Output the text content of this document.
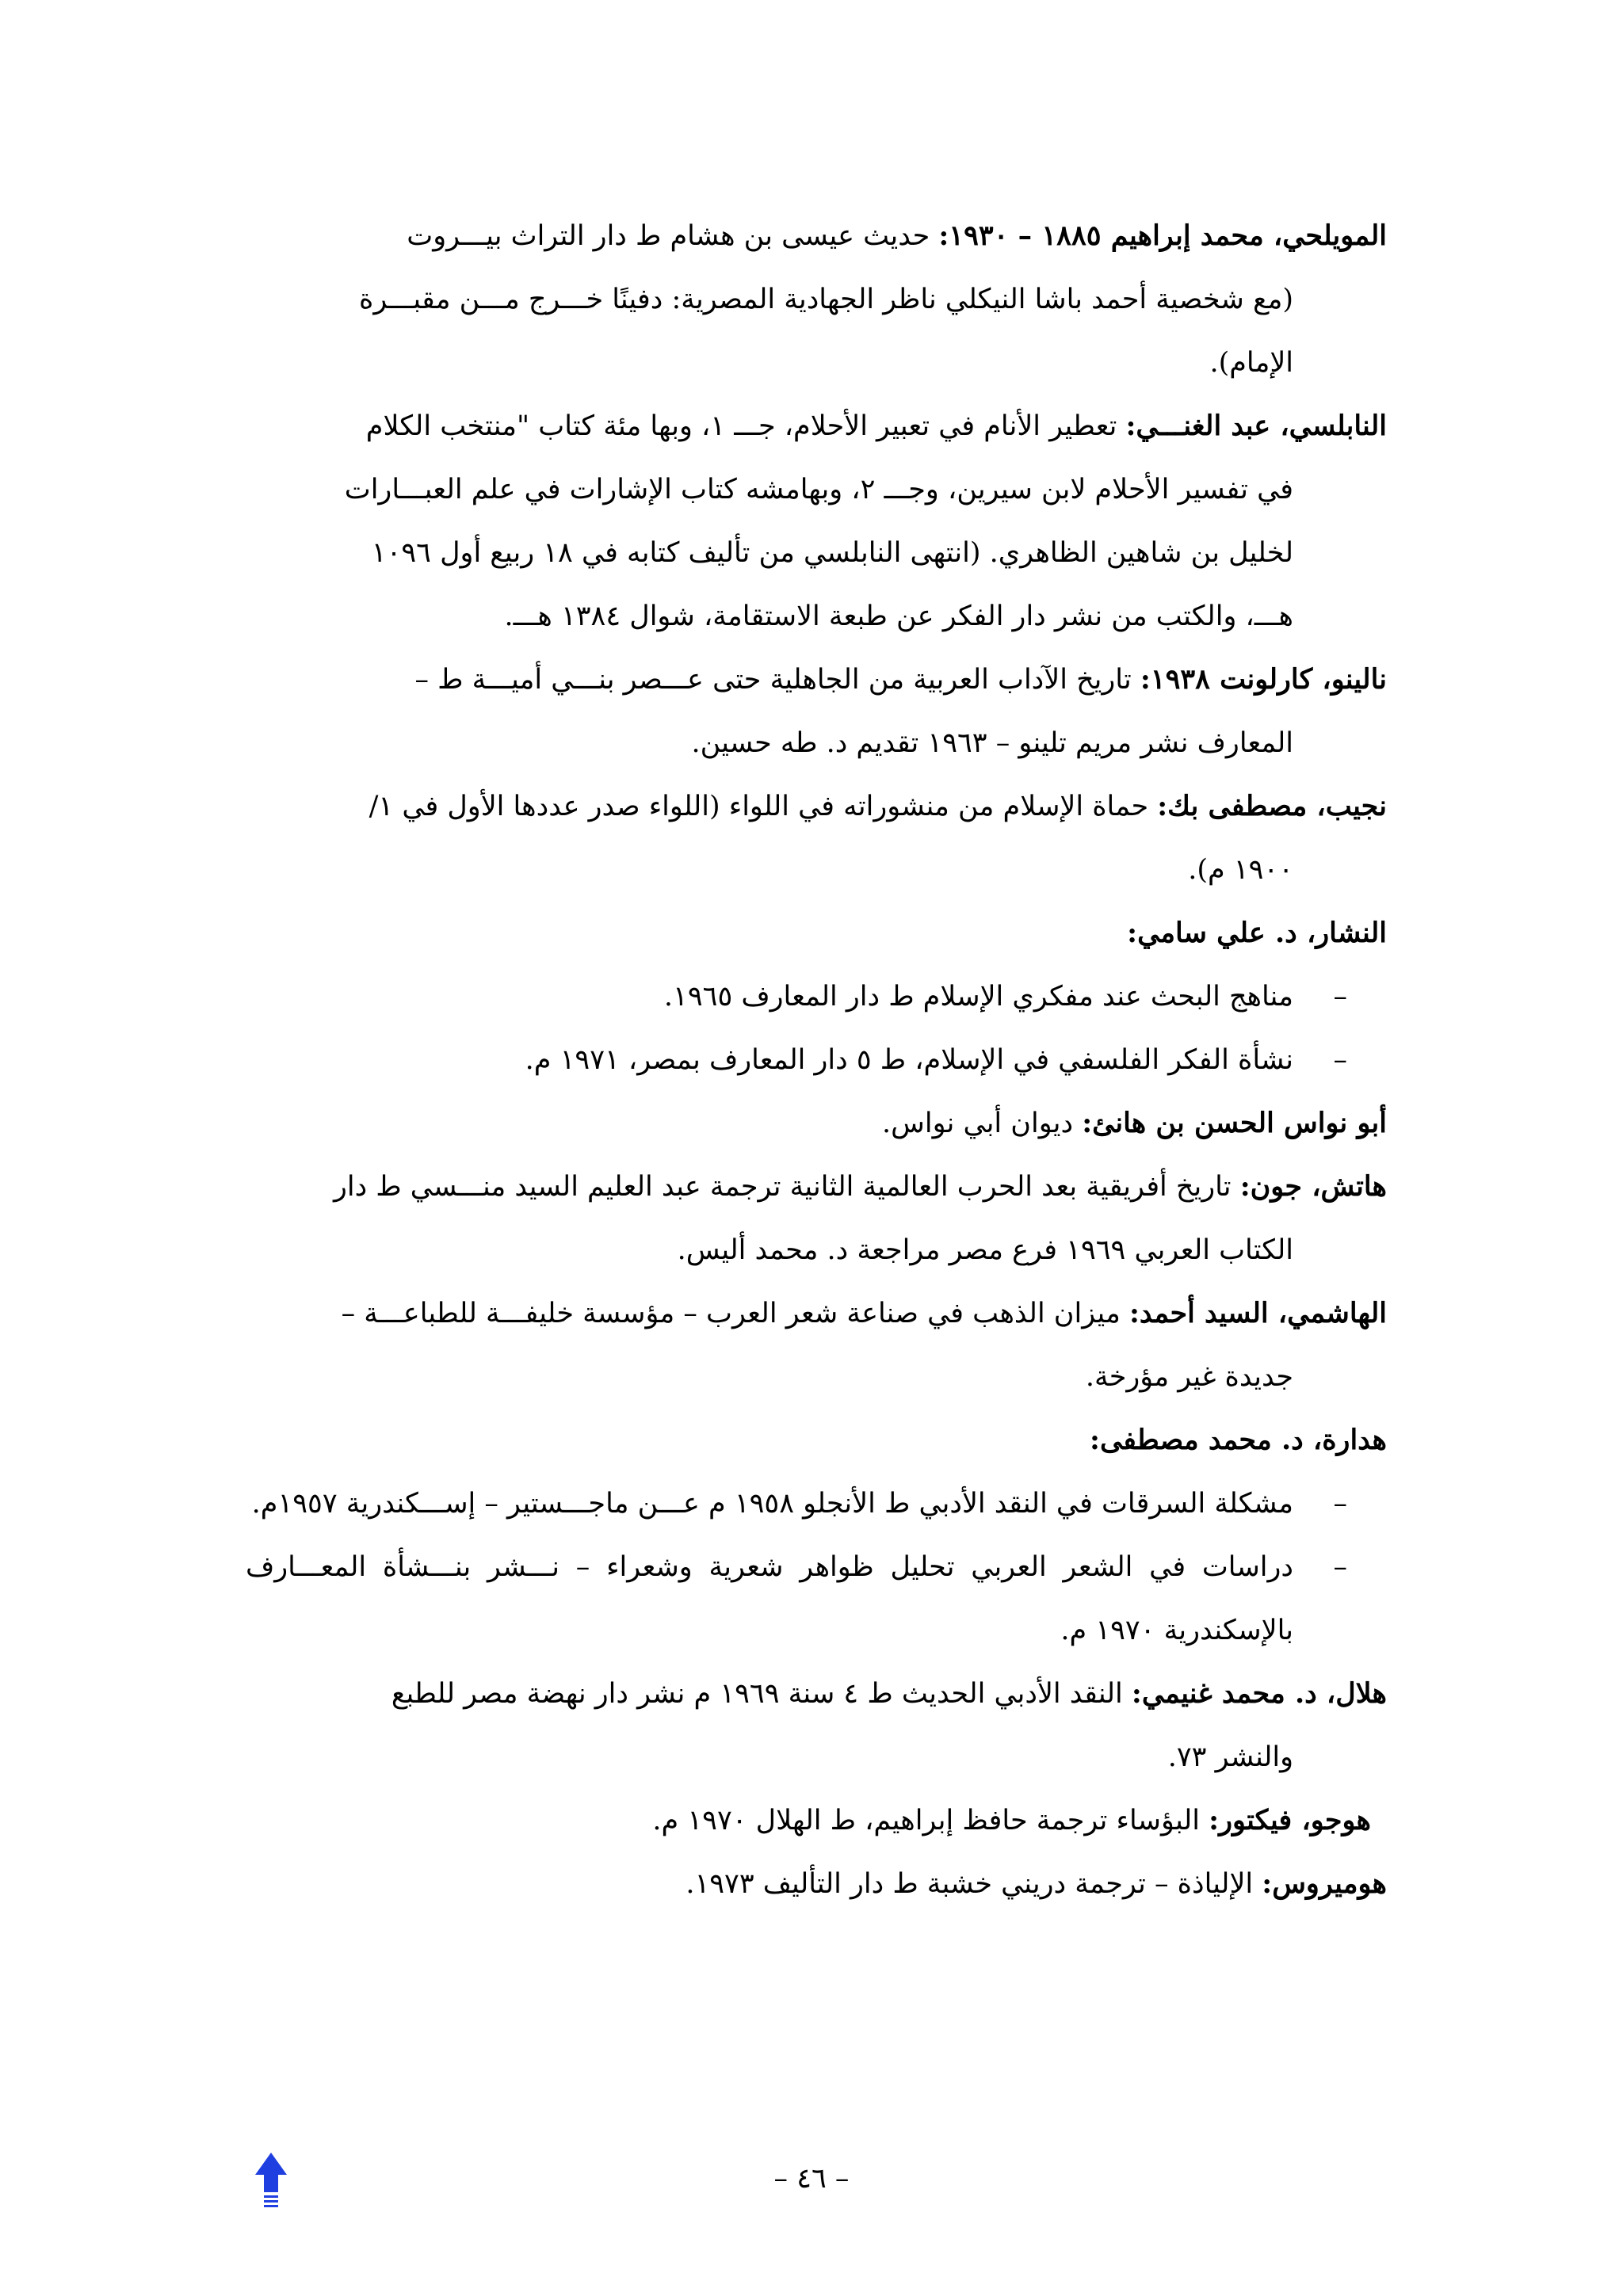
المويلحي، محمد إبراهيم ١٨٨٥ – ١٩٣٠: حديث عيسى بن هشام ط دار التراث بيـــروت
(مع شخصية أحمد باشا النيكلي ناظر الجهادية المصرية: دفينًا خـــرج مـــن مقبـــرة
الإمام).

النابلسي، عبد الغنـــي: تعطير الأنام في تعبير الأحلام، جـــ ١، وبها مئة كتاب "منتخب الكلام
في تفسير الأحلام لابن سيرين، وجـــ ٢، وبهامشه كتاب الإشارات في علم العبـــارات
لخليل بن شاهين الظاهري. (انتهى النابلسي من تأليف كتابه في ١٨ ربيع أول ١٠٩٦
هـــ، والكتب من نشر دار الفكر عن طبعة الاستقامة، شوال ١٣٨٤ هـــ.

نالينو، كارلونت ١٩٣٨: تاريخ الآداب العربية من الجاهلية حتى عـــصر بنـــي أميـــة ط –
المعارف نشر مريم تلينو – ١٩٦٣ تقديم د. طه حسين.

نجيب، مصطفى بك: حماة الإسلام من منشوراته في اللواء (اللواء صدر عددها الأول في ١/
١٩٠٠ م).

النشار، د. علي سامي:

– مناهج البحث عند مفكري الإسلام ط دار المعارف ١٩٦٥.
– نشأة الفكر الفلسفي في الإسلام، ط ٥ دار المعارف بمصر، ١٩٧١ م.

أبو نواس الحسن بن هانئ: ديوان أبي نواس.

هاتش، جون: تاريخ أفريقية بعد الحرب العالمية الثانية ترجمة عبد العليم السيد منـــسي ط دار
الكتاب العربي ١٩٦٩ فرع مصر مراجعة د. محمد أليس.

الهاشمي، السيد أحمد: ميزان الذهب في صناعة شعر العرب – مؤسسة خليفـــة للطباعـــة –
جديدة غير مؤرخة.

هدارة، د. محمد مصطفى:

– مشكلة السرقات في النقد الأدبي ط الأنجلو ١٩٥٨ م عـــن ماجـــستير – إســـكندرية ١٩٥٧م.
– دراسات في الشعر العربي تحليل ظواهر شعرية وشعراء – نـــشر بنـــشأة المعـــارف بالإسكندرية ١٩٧٠ م.

هلال، د. محمد غنيمي: النقد الأدبي الحديث ط ٤ سنة ١٩٦٩ م نشر دار نهضة مصر للطبع
والنشر ٧٣.

هوجو، فيكتور: البؤساء ترجمة حافظ إبراهيم، ط الهلال ١٩٧٠ م.

هوميروس: الإلياذة – ترجمة دريني خشبة ط دار التأليف ١٩٧٣.

– ٤٦ –
